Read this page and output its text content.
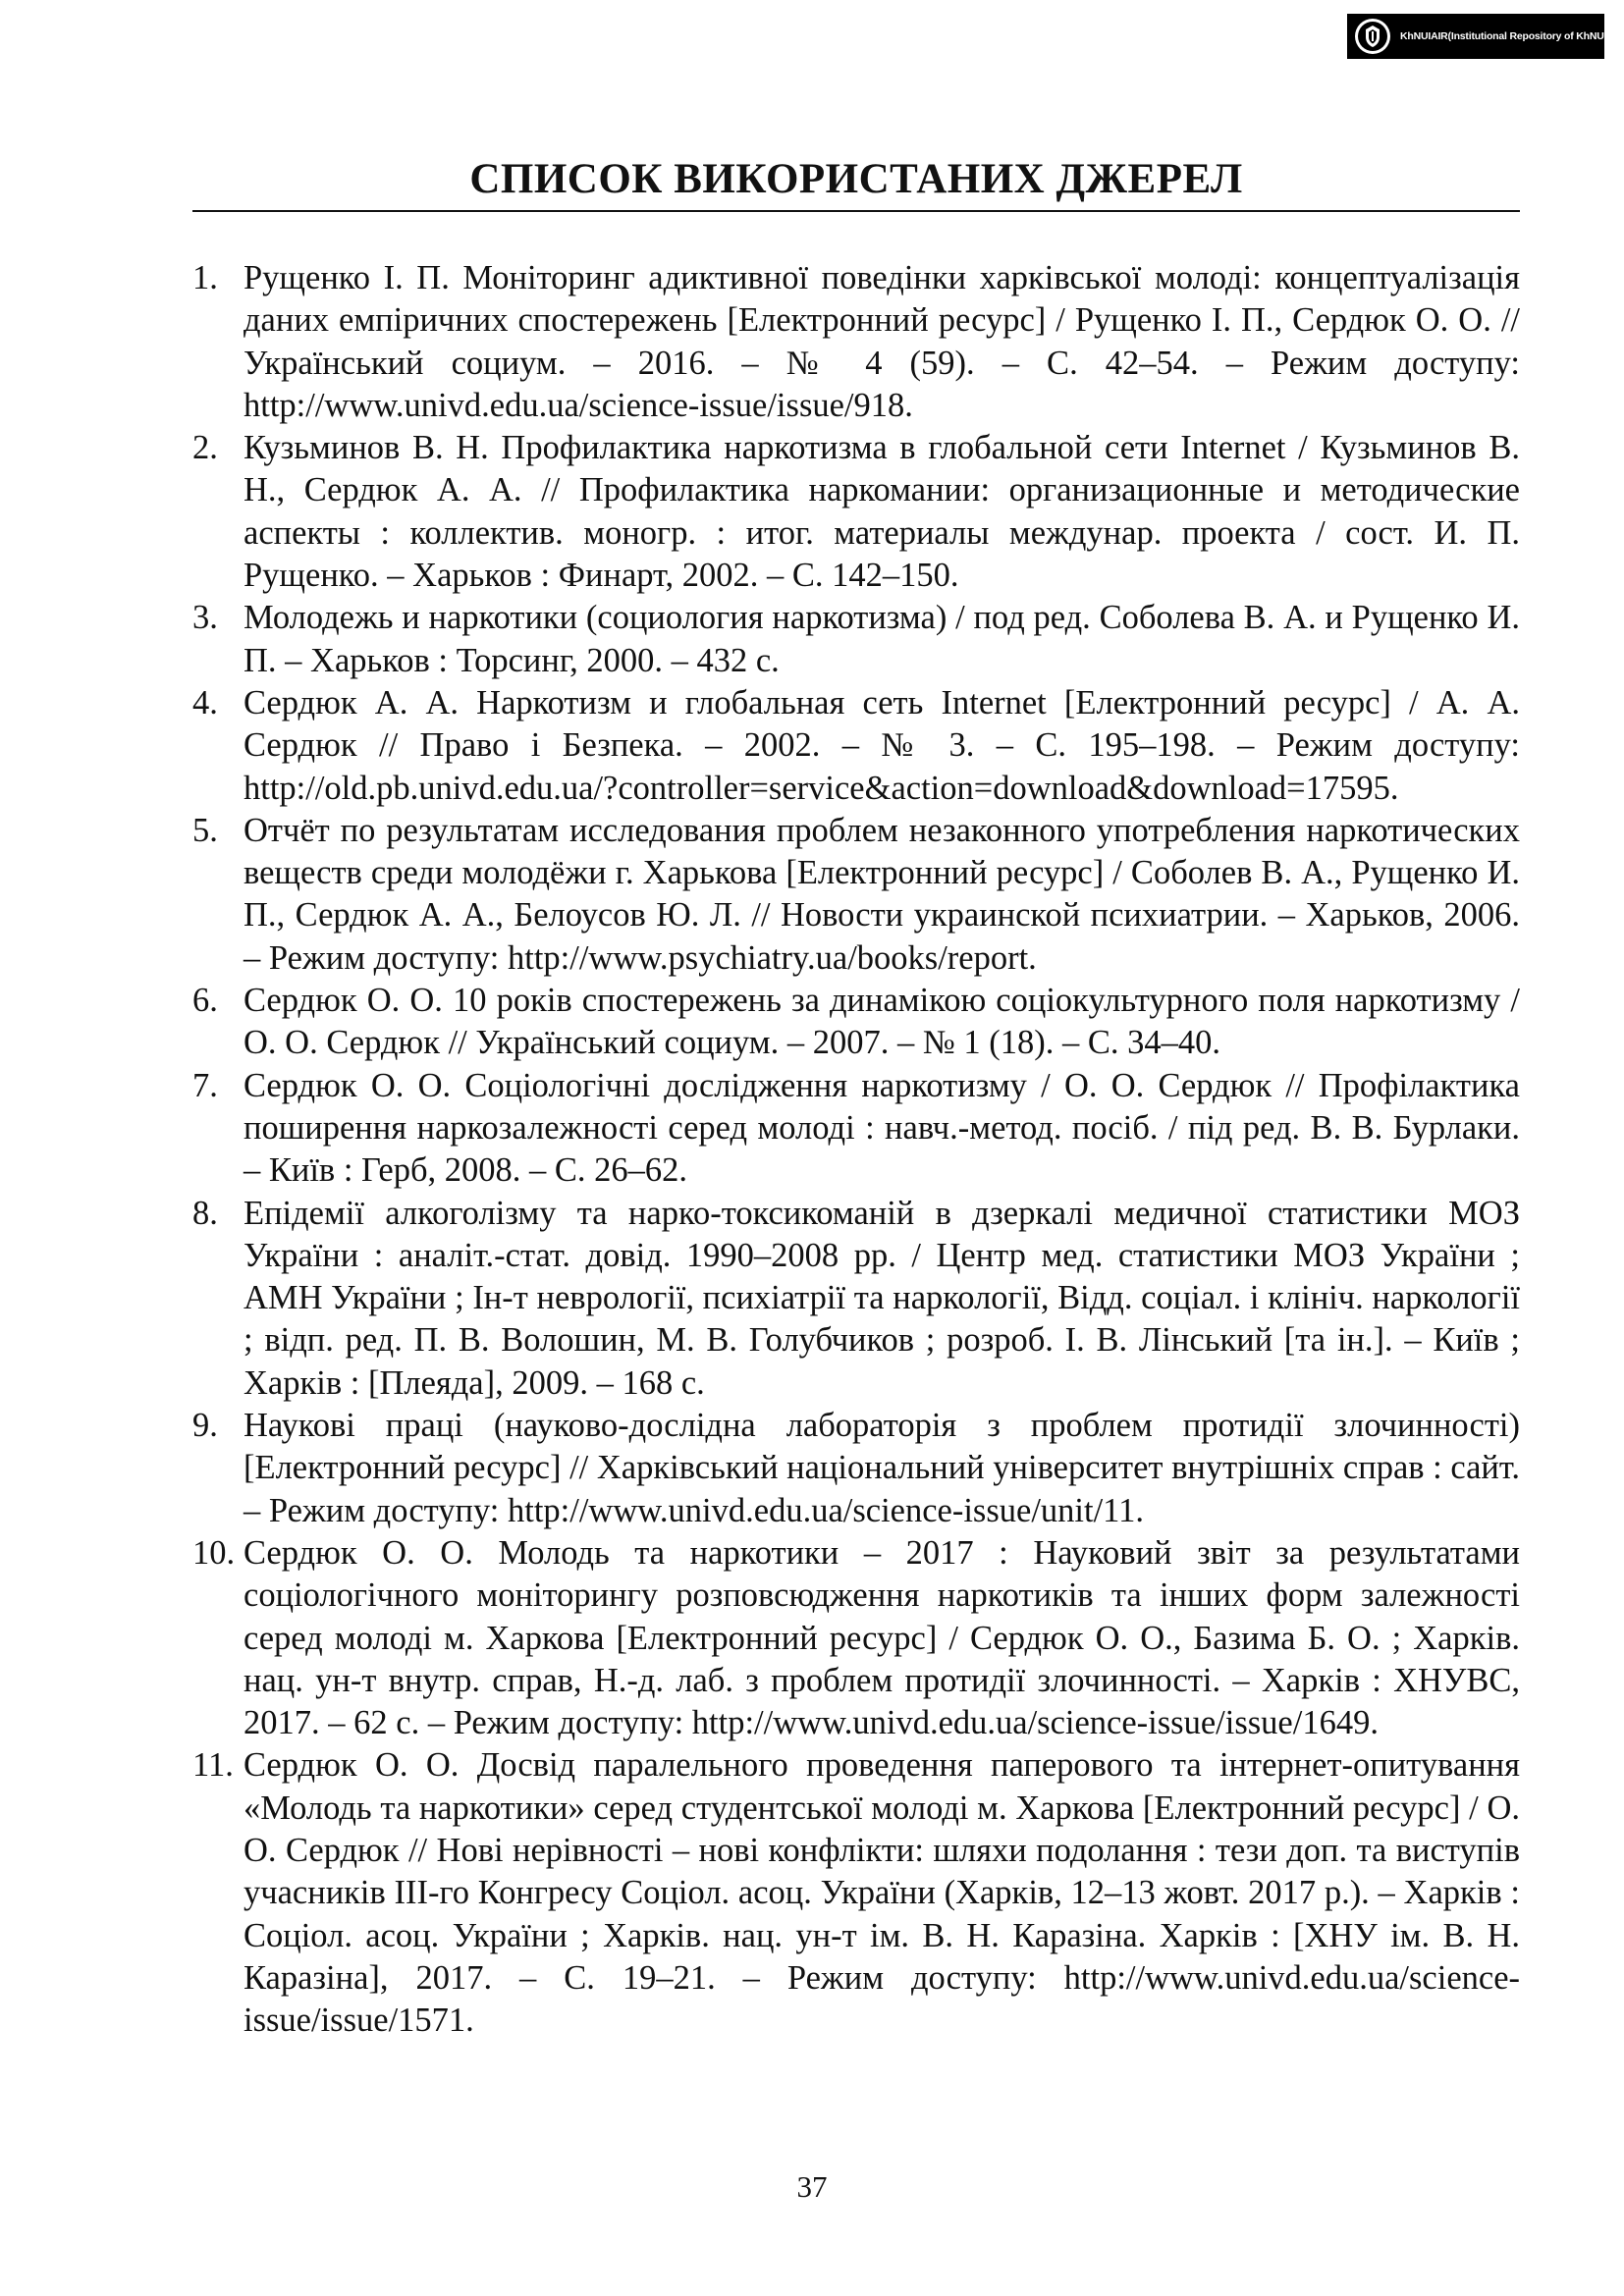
KhNUIAIR(Institutional Repository of KhNUIA)
СПИСОК ВИКОРИСТАНИХ ДЖЕРЕЛ
1. Рущенко І. П. Моніторинг адиктивної поведінки харківської молоді: концептуалізація даних емпіричних спостережень [Електронний ресурс] / Рущенко І. П., Сердюк О. О. // Український социум. – 2016. – № 4 (59). – С. 42–54. – Режим доступу: http://www.univd.edu.ua/science-issue/issue/918.
2. Кузьминов В. Н. Профилактика наркотизма в глобальной сети Internet / Кузьминов В. Н., Сердюк А. А. // Профилактика наркомании: организационные и методические аспекты : коллектив. моногр. : итог. материалы междунар. проекта / сост. И. П. Рущенко. – Харьков : Финарт, 2002. – С. 142–150.
3. Молодежь и наркотики (социология наркотизма) / под ред. Соболева В. А. и Рущенко И. П. – Харьков : Торсинг, 2000. – 432 с.
4. Сердюк А. А. Наркотизм и глобальная сеть Internet [Електронний ресурс] / А. А. Сердюк // Право і Безпека. – 2002. – № 3. – С. 195–198. – Режим доступу: http://old.pb.univd.edu.ua/?controller=service&action=download&download=17595.
5. Отчёт по результатам исследования проблем незаконного употребления наркотических веществ среди молодёжи г. Харькова [Електронний ресурс] / Соболев В. А., Рущенко И. П., Сердюк А. А., Белоусов Ю. Л. // Новости украинской психиатрии. – Харьков, 2006. – Режим доступу: http://www.psychiatry.ua/books/report.
6. Сердюк О. О. 10 років спостережень за динамікою соціокультурного поля наркотизму / О. О. Сердюк // Український социум. – 2007. – № 1 (18). – С. 34–40.
7. Сердюк О. О. Соціологічні дослідження наркотизму / О. О. Сердюк // Профілактика поширення наркозалежності серед молоді : навч.-метод. посіб. / під ред. В. В. Бурлаки. – Київ : Герб, 2008. – С. 26–62.
8. Епідемії алкоголізму та нарко-токсикоманій в дзеркалі медичної статистики МОЗ України : аналіт.-стат. довід. 1990–2008 рр. / Центр мед. статистики МОЗ України ; АМН України ; Ін-т неврології, психіатрії та наркології, Відд. соціал. і клініч. наркології ; відп. ред. П. В. Волошин, М. В. Голубчиков ; розроб. І. В. Лінський [та ін.]. – Київ ; Харків : [Плеяда], 2009. – 168 с.
9. Наукові праці (науково-дослідна лабораторія з проблем протидії злочинності) [Електронний ресурс] // Харківський національний університет внутрішніх справ : сайт. – Режим доступу: http://www.univd.edu.ua/science-issue/unit/11.
10. Сердюк О. О. Молодь та наркотики – 2017 : Науковий звіт за результатами соціологічного моніторингу розповсюдження наркотиків та інших форм залежності серед молоді м. Харкова [Електронний ресурс] / Сердюк О. О., Базима Б. О. ; Харків. нац. ун-т внутр. справ, Н.-д. лаб. з проблем протидії злочинності. – Харків : ХНУВС, 2017. – 62 с. – Режим доступу: http://www.univd.edu.ua/science-issue/issue/1649.
11. Сердюк О. О. Досвід паралельного проведення паперового та інтернет-опитування «Молодь та наркотики» серед студентської молоді м. Харкова [Електронний ресурс] / О. О. Сердюк // Нові нерівності – нові конфлікти: шляхи подолання : тези доп. та виступів учасників ІІІ-го Конгресу Соціол. асоц. України (Харків, 12–13 жовт. 2017 р.). – Харків : Соціол. асоц. України ; Харків. нац. ун-т ім. В. Н. Каразіна. Харків : [ХНУ ім. В. Н. Каразіна], 2017. – С. 19–21. – Режим доступу: http://www.univd.edu.ua/science-issue/issue/1571.
37
